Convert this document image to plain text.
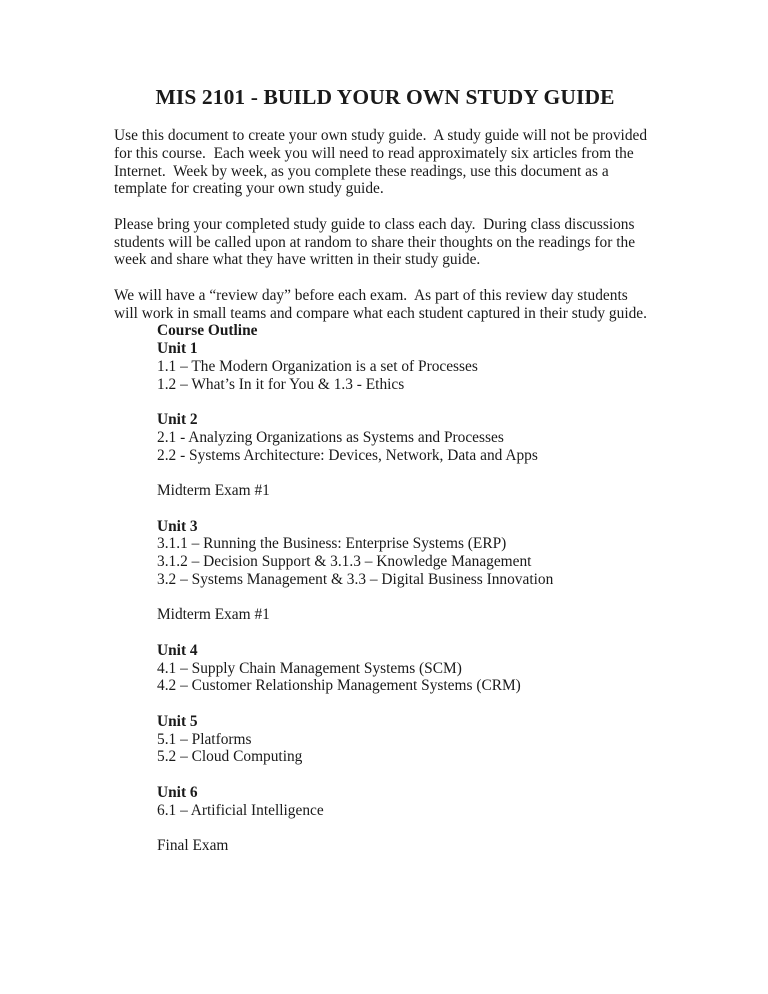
MIS 2101 - BUILD YOUR OWN STUDY GUIDE

Use this document to create your own study guide.  A study guide will not be provided for this course.  Each week you will need to read approximately six articles from the Internet.  Week by week, as you complete these readings, use this document as a template for creating your own study guide.

Please bring your completed study guide to class each day.  During class discussions students will be called upon at random to share their thoughts on the readings for the week and share what they have written in their study guide.

We will have a “review day” before each exam.  As part of this review day students will work in small teams and compare what each student captured in their study guide.

Course Outline
Unit 1
1.1 – The Modern Organization is a set of Processes
1.2 – What’s In it for You & 1.3 - Ethics

Unit 2
2.1 - Analyzing Organizations as Systems and Processes
2.2 - Systems Architecture: Devices, Network, Data and Apps

Midterm Exam #1

Unit 3
3.1.1 – Running the Business: Enterprise Systems (ERP)
3.1.2 – Decision Support & 3.1.3 – Knowledge Management
3.2 – Systems Management & 3.3 – Digital Business Innovation

Midterm Exam #1

Unit 4
4.1 – Supply Chain Management Systems (SCM)
4.2 – Customer Relationship Management Systems (CRM)

Unit 5
5.1 – Platforms
5.2 – Cloud Computing

Unit 6
6.1 – Artificial Intelligence

Final Exam
